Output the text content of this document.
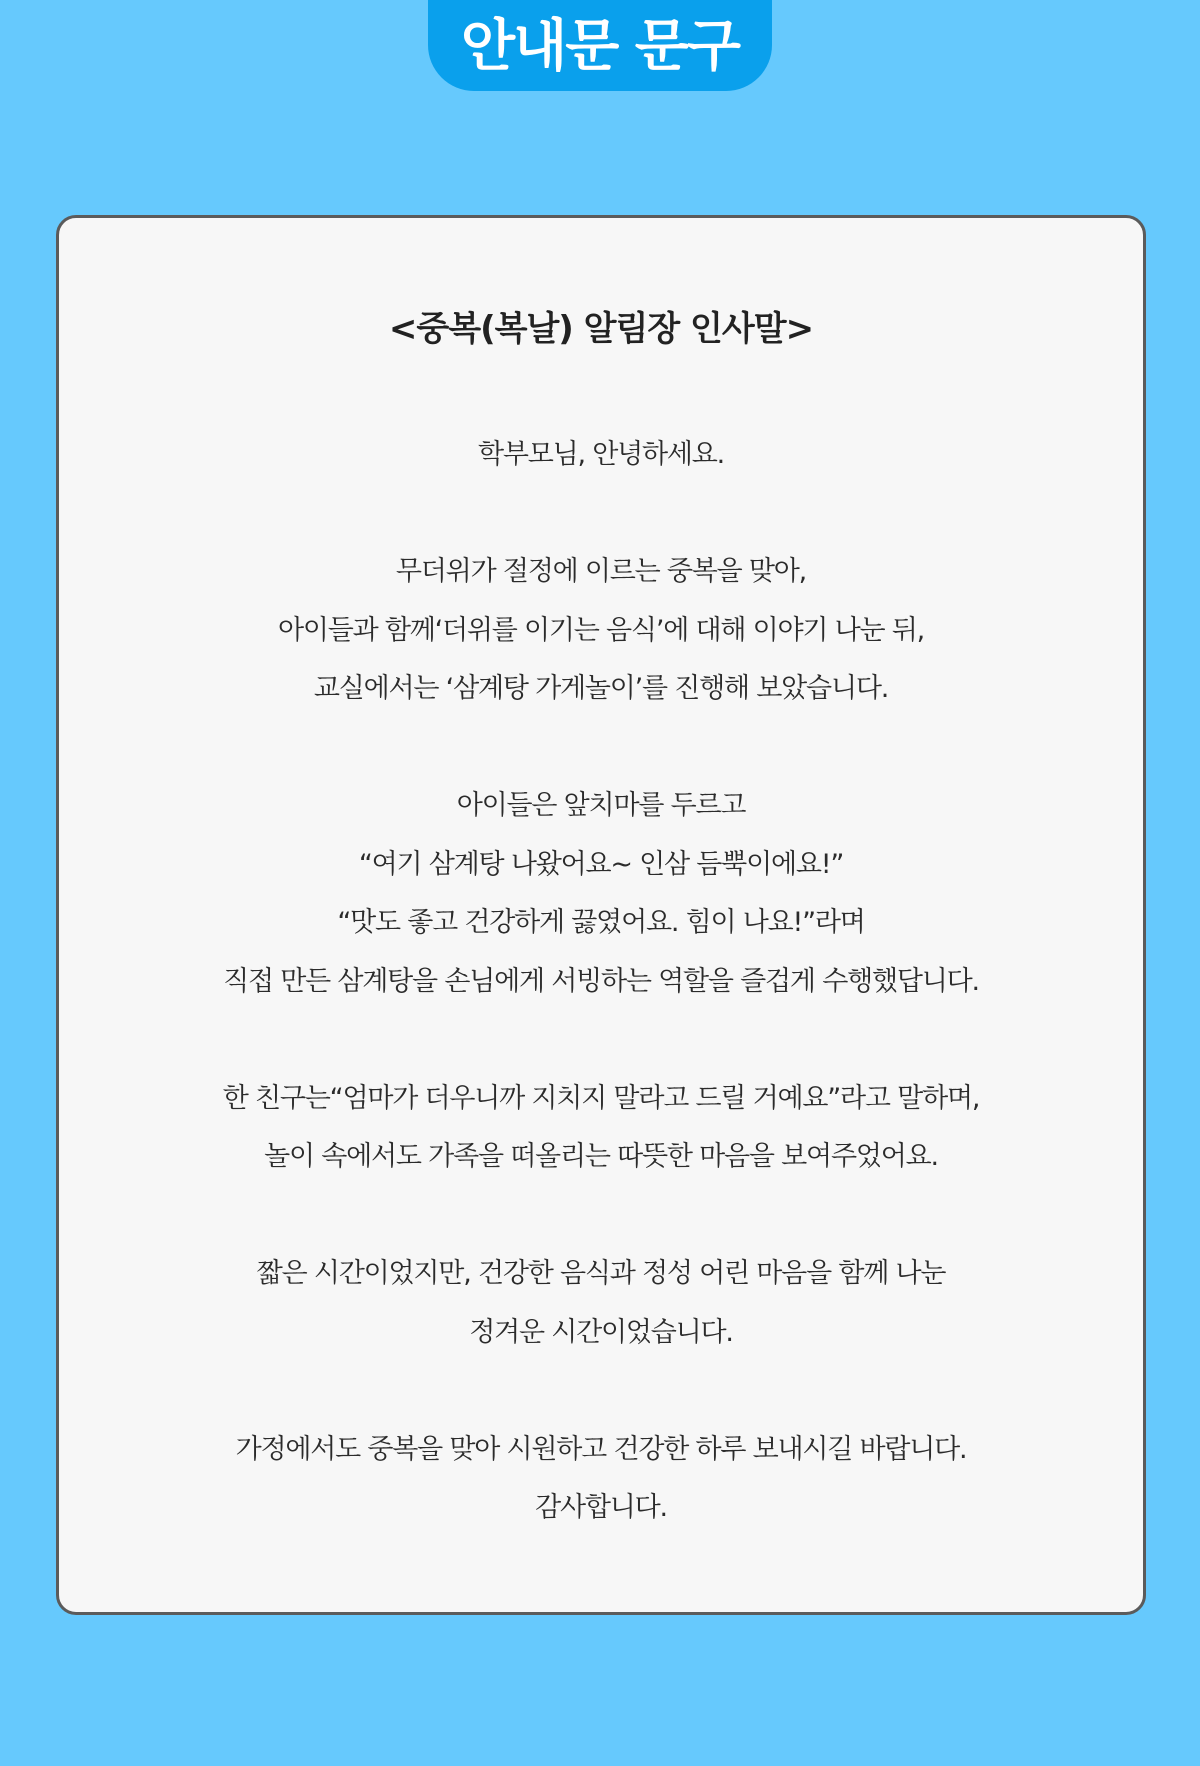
안내문 문구
<중복(복날) 알림장 인사말>
학부모님, 안녕하세요.
무더위가 절정에 이르는 중복을 맞아,
아이들과 함께‘더위를 이기는 음식’에 대해 이야기 나눈 뒤,
교실에서는 ‘삼계탕 가게놀이’를 진행해 보았습니다.
아이들은 앞치마를 두르고
“여기 삼계탕 나왔어요~ 인삼 듬뿍이에요!”
“맛도 좋고 건강하게 끓였어요. 힘이 나요!”라며
직접 만든 삼계탕을 손님에게 서빙하는 역할을 즐겁게 수행했답니다.
한 친구는“엄마가 더우니까 지치지 말라고 드릴 거예요”라고 말하며,
놀이 속에서도 가족을 떠올리는 따뜻한 마음을 보여주었어요.
짧은 시간이었지만, 건강한 음식과 정성 어린 마음을 함께 나눈
정겨운 시간이었습니다.
가정에서도 중복을 맞아 시원하고 건강한 하루 보내시길 바랍니다.
감사합니다.
